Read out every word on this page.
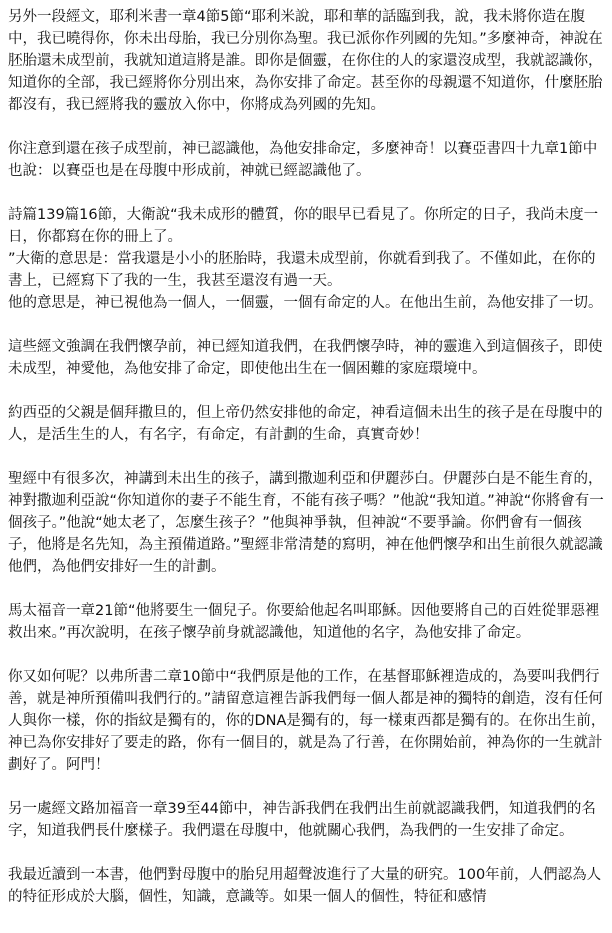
另外一段經文，耶利米書一章4節5節“耶利米說，耶和華的話臨到我，說，我未將你造在腹中，我已曉得你，你未出母胎，我已分別你為聖。我已派你作列國的先知。”多麼神奇，神說在胚胎還未成型前，我就知道這將是誰。即你是個靈，在你住的人的家還沒成型，我就認識你，知道你的全部，我已經將你分別出來，為你安排了命定。甚至你的母親還不知道你，什麼胚胎都沒有，我已經將我的靈放入你中，你將成為列國的先知。

你注意到還在孩子成型前，神已認識他，為他安排命定，多麼神奇！以賽亞書四十九章1節中也說：以賽亞也是在母腹中形成前，神就已經認識他了。

詩篇139篇16節，大衛說“我未成形的體質，你的眼早已看見了。你所定的日子，我尚未度一日，你都寫在你的冊上了。

”大衛的意思是：當我還是小小的胚胎時，我還未成型前，你就看到我了。不僅如此，在你的書上，已經寫下了我的一生，我甚至還沒有過一天。

他的意思是，神已視他為一個人，一個靈，一個有命定的人。在他出生前，為他安排了一切。

這些經文強調在我們懷孕前，神已經知道我們，在我們懷孕時，神的靈進入到這個孩子，即使未成型，神愛他，為他安排了命定，即使他出生在一個困難的家庭環境中。

約西亞的父親是個拜撒旦的，但上帝仍然安排他的命定，神看這個未出生的孩子是在母腹中的人，是活生生的人，有名字，有命定，有計劃的生命，真實奇妙！

聖經中有很多次，神講到未出生的孩子，講到撒迦利亞和伊麗莎白。伊麗莎白是不能生育的，神對撒迦利亞說“你知道你的妻子不能生育，不能有孩子嗎？”他說“我知道。”神說“你將會有一個孩子。”他說“她太老了，怎麼生孩子？”他與神爭執，但神說“不要爭論。你們會有一個孩子，他將是名先知，為主預備道路。”聖經非常清楚的寫明，神在他們懷孕和出生前很久就認識他們，為他們安排好一生的計劃。

馬太福音一章21節“他將要生一個兒子。你要給他起名叫耶穌。因他要將自己的百姓從罪惡裡救出來。”再次說明，在孩子懷孕前身就認識他，知道他的名字，為他安排了命定。

你又如何呢？以弗所書二章10節中“我們原是他的工作，在基督耶穌裡造成的，為要叫我們行善，就是神所預備叫我們行的。”請留意這裡告訴我們每一個人都是神的獨特的創造，沒有任何人與你一樣，你的指紋是獨有的，你的DNA是獨有的，每一樣東西都是獨有的。在你出生前，神已為你安排好了要走的路，你有一個目的，就是為了行善，在你開始前，神為你的一生就計劃好了。阿門！

另一處經文路加福音一章39至44節中，神告訴我們在我們出生前就認識我們，知道我們的名字，知道我們長什麼樣子。我們還在母腹中，他就關心我們，為我們的一生安排了命定。

我最近讀到一本書，他們對母腹中的胎兒用超聲波進行了大量的研究。100年前，人們認為人的特征形成於大腦，個性，知識，意識等。如果一個人的個性，特征和感情
